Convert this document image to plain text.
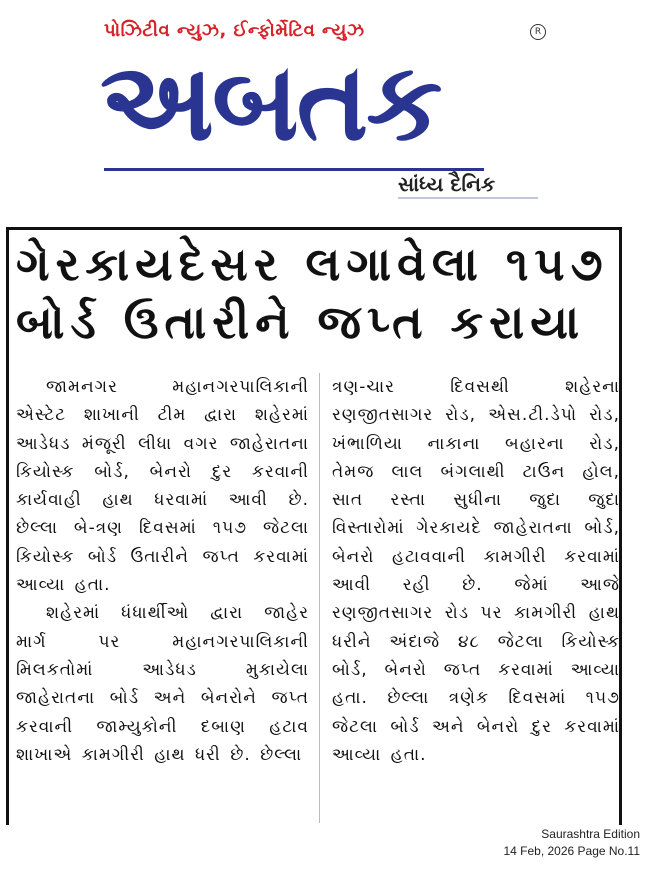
પોઝિટીવ ન્યુઝ, ઈન્ફોર્મેટિવ ન્યુઝ	R
અબતક
સાંધ્ય દૈનિક
ગેરકાયદેસર લગાવેલા ૧૫૭
બોર્ડ ઉતારીને જપ્ત કરાયા

જામનગર મહાનગરપાલિકાની એસ્ટેટ શાખાની ટીમ દ્વારા શહેરમાં આડેધડ મંજૂરી લીધા વગર જાહેરાતના કિયોસ્ક બોર્ડ, બેનરો દુર કરવાની કાર્યવાહી હાથ ધરવામાં આવી છે. છેલ્લા બે-ત્રણ દિવસમાં ૧૫૭ જેટલા કિયોસ્ક બોર્ડ ઉતારીને જપ્ત કરવામાં આવ્યા હતા.

શહેરમાં ધંધાર્થીઓ દ્વારા જાહેર માર્ગ પર મહાનગરપાલિકાની મિલકતોમાં આડેધડ મુકાયેલા જાહેરાતના બોર્ડ અને બેનરોને જપ્ત કરવાની જામ્યુકોની દબાણ હટાવ શાખાએ કામગીરી હાથ ધરી છે. છેલ્લા

ત્રણ-ચાર દિવસથી શહેરના રણજીતસાગર રોડ, એસ.ટી.ડેપો રોડ, ખંભાળિયા નાકાના બહારના રોડ, તેમજ લાલ બંગલાથી ટાઉન હોલ, સાત રસ્તા સુધીના જુદા જુદા વિસ્તારોમાં ગેરકાયદે જાહેરાતના બોર્ડ, બેનરો હટાવવાની કામગીરી કરવામાં આવી રહી છે. જેમાં આજે રણજીતસાગર રોડ પર કામગીરી હાથ ધરીને અંદાજે ૪૮ જેટલા કિયોસ્ક બોર્ડ, બેનરો જપ્ત કરવામાં આવ્યા હતા. છેલ્લા ત્રણેક દિવસમાં ૧૫૭ જેટલા બોર્ડ અને બેનરો દુર કરવામાં આવ્યા હતા.

Saurashtra Edition
14 Feb, 2026 Page No.11
